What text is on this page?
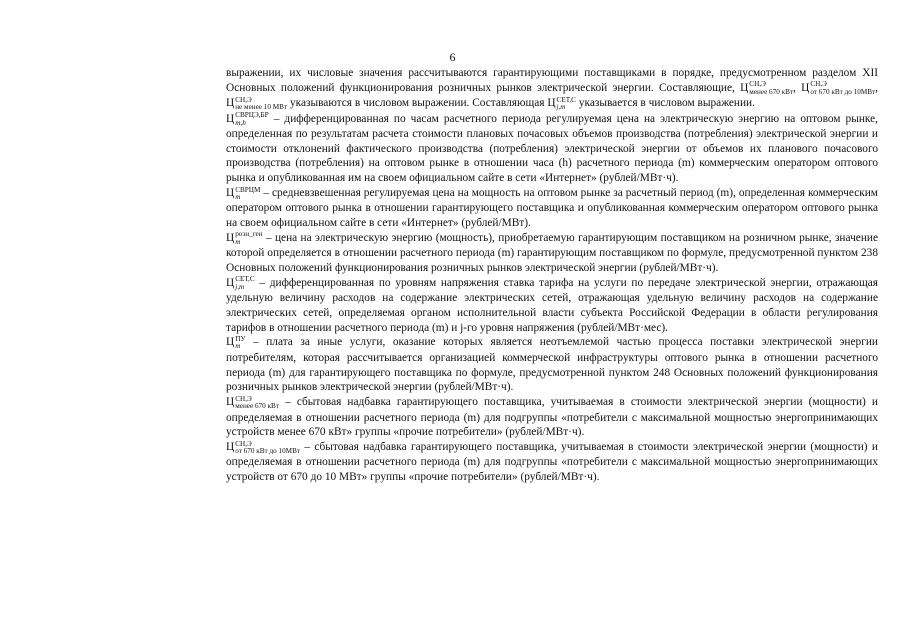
6

выражении, их числовые значения рассчитываются гарантирующими поставщиками в порядке, предусмотренном разделом XII Основных положений функционирования розничных рынков электрической энергии. Составляющие, Ц СН,Э
менее 670 кВт , Ц СН,Э
от 670 кВт до 10МВт , Ц СН,Э
не менее 10 МВт указываются в числовом выражении. Составляющая Ц СЕТ,С
j,m	указывается в числовом выражении.

Ц СВРЦЭ,БР
m,h	– дифференцированная по часам расчетного периода регулируемая цена на электрическую энергию на оптовом рынке, определенная по результатам расчета стоимости плановых почасовых объемов производства (потребления) электрической энергии и стоимости отклонений фактического производства (потребления) электрической энергии от объемов их планового почасового производства (потребления) на оптовом рынке в отношении часа (h) расчетного периода (m) коммерческим оператором оптового рынка и опубликованная им на своем официальном сайте в сети «Интернет» (рублей/МВт·ч).

Ц СВРЦМ
m	– средневзвешенная регулируемая цена на мощность на оптовом рынке за расчетный период (m), определенная коммерческим оператором оптового рынка в отношении гарантирующего поставщика и опубликованная коммерческим оператором оптового рынка на своем официальном сайте в сети «Интернет» (рублей/МВт).

Ц розн_ген
m	– цена на электрическую энергию (мощность), приобретаемую гарантирующим поставщиком на розничном рынке, значение которой определяется в отношении расчетного периода (m) гарантирующим поставщиком по формуле, предусмотренной пунктом 238 Основных положений функционирования розничных рынков электрической энергии (рублей/МВт·ч).

Ц СЕТ,С
j,m – дифференцированная по уровням напряжения ставка тарифа на услуги по передаче электрической энергии, отражающая удельную величину расходов на содержание электрических сетей, отражающая удельную величину расходов на содержание электрических сетей, определяемая органом исполнительной власти субъекта Российской Федерации в области регулирования тарифов в отношении расчетного периода (m) и j-го уровня напряжения (рублей/МВт·мес).

Ц ПУ
m – плата за иные услуги, оказание которых является неотъемлемой частью процесса поставки электрической энергии потребителям, которая рассчитывается организацией коммерческой инфраструктуры оптового рынка в отношении расчетного периода (m) для гарантирующего поставщика по формуле, предусмотренной пунктом 248 Основных положений функционирования розничных рынков электрической энергии (рублей/МВт·ч).

Ц СН,Э
менее 670 кВт – сбытовая надбавка гарантирующего поставщика, учитываемая в стоимости электрической энергии (мощности) и определяемая в отношении расчетного периода (m) для подгруппы «потребители с максимальной мощностью энергопринимающих устройств менее 670 кВт» группы «прочие потребители» (рублей/МВт·ч).

Ц СН,Э
от 670 кВт до 10МВт – сбытовая надбавка гарантирующего поставщика, учитываемая в стоимости электрической энергии (мощности) и определяемая в отношении расчетного периода (m) для подгруппы «потребители с максимальной мощностью энергопринимающих устройств от 670 до 10 МВт» группы «прочие потребители» (рублей/МВт·ч).
